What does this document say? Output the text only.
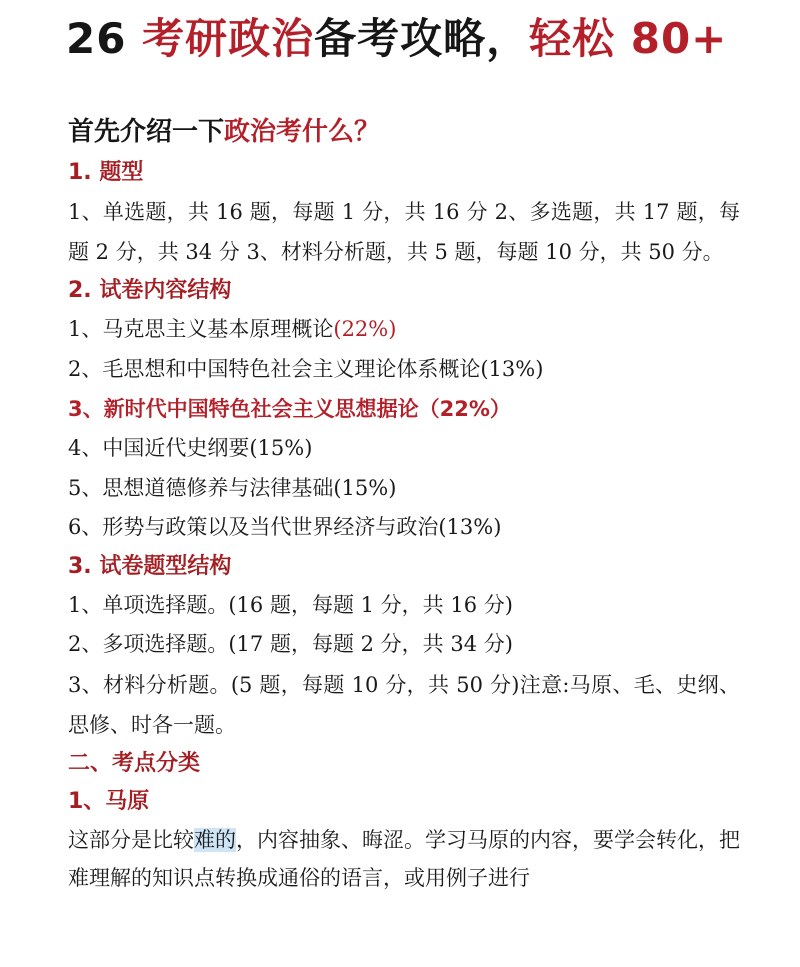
26 考研政治备考攻略，轻松 80+
首先介绍一下政治考什么？
1. 题型
1、单选题，共 16 题，每题 1 分，共 16 分 2、多选题，共 17 题，每题 2 分，共 34 分 3、材料分析题，共 5 题，每题 10 分，共 50 分。
2. 试卷内容结构
1、马克思主义基本原理概论(22%)
2、毛思想和中国特色社会主义理论体系概论(13%)
3、新时代中国特色社会主义思想据论（22%）
4、中国近代史纲要(15%)
5、思想道德修养与法律基础(15%)
6、形势与政策以及当代世界经济与政治(13%)
3. 试卷题型结构
1、单项选择题。(16 题，每题 1 分，共 16 分)
2、多项选择题。(17 题，每题 2 分，共 34 分)
3、材料分析题。(5 题，每题 10 分，共 50 分)注意:马原、毛、史纲、思修、时各一题。
二、考点分类
1、马原
这部分是比较难的，内容抽象、晦涩。学习马原的内容，要学会转化，把难理解的知识点转换成通俗的语言，或用例子进行
